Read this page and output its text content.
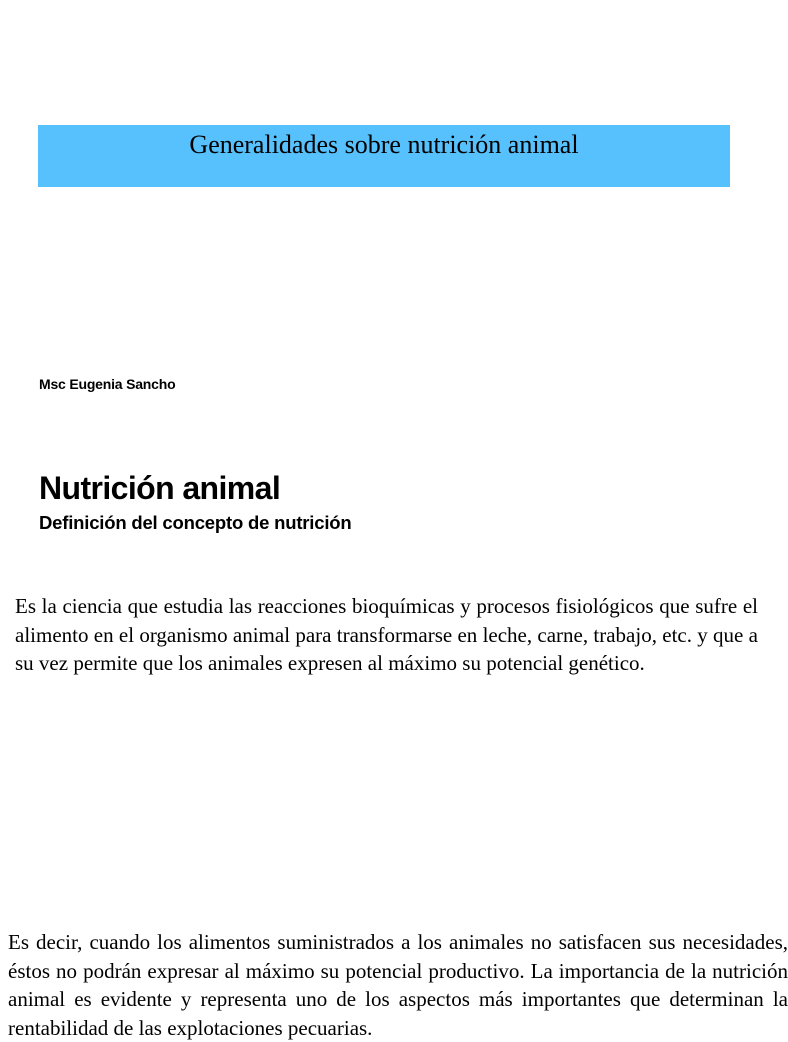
Generalidades sobre nutrición animal
Msc Eugenia Sancho
Nutrición animal
Definición del concepto de nutrición

Es la ciencia que estudia las reacciones bioquímicas y procesos fisiológicos que sufre el alimento en el organismo animal para transformarse en leche, carne, trabajo, etc. y que a su vez permite que los animales expresen al máximo su potencial genético.

Es decir, cuando los alimentos suministrados a los animales no satisfacen sus necesidades, éstos no podrán expresar al máximo su potencial productivo. La importancia de la nutrición animal es evidente y representa uno de los aspectos más importantes que determinan la rentabilidad de las explotaciones pecuarias.
